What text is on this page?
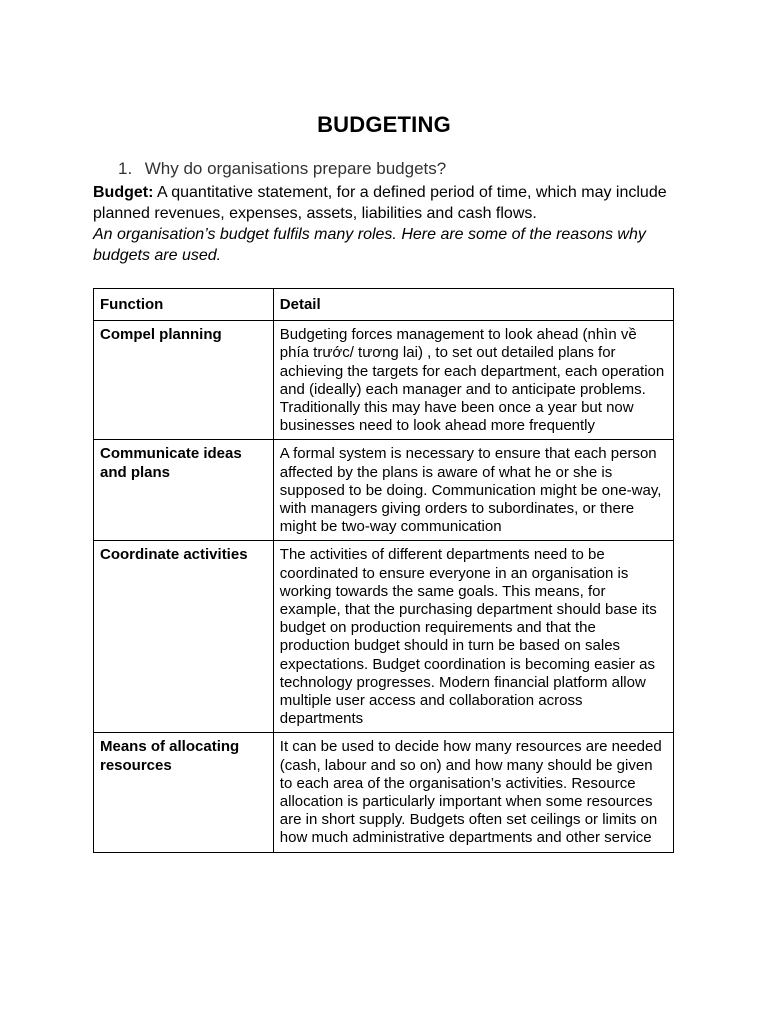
BUDGETING
1. Why do organisations prepare budgets?

Budget: A quantitative statement, for a defined period of time, which may include planned revenues, expenses, assets, liabilities and cash flows.

An organisation’s budget fulfils many roles. Here are some of the reasons why budgets are used.

Function	Detail
Compel planning	Budgeting forces management to look ahead (nhìn về phía trước/ tương lai) , to set out detailed plans for achieving the targets for each department, each operation and (ideally) each manager and to anticipate problems. Traditionally this may have been once a year but now businesses need to look ahead more frequently
Communicate ideas and plans	A formal system is necessary to ensure that each person affected by the plans is aware of what he or she is supposed to be doing. Communication might be one-way, with managers giving orders to subordinates, or there might be two-way communication
Coordinate activities	The activities of different departments need to be coordinated to ensure everyone in an organisation is working towards the same goals. This means, for example, that the purchasing department should base its budget on production requirements and that the production budget should in turn be based on sales expectations. Budget coordination is becoming easier as technology progresses. Modern financial platform allow multiple user access and collaboration across departments
Means of allocating resources	It can be used to decide how many resources are needed (cash, labour and so on) and how many should be given to each area of the organisation’s activities. Resource allocation is particularly important when some resources are in short supply. Budgets often set ceilings or limits on how much administrative departments and other service
